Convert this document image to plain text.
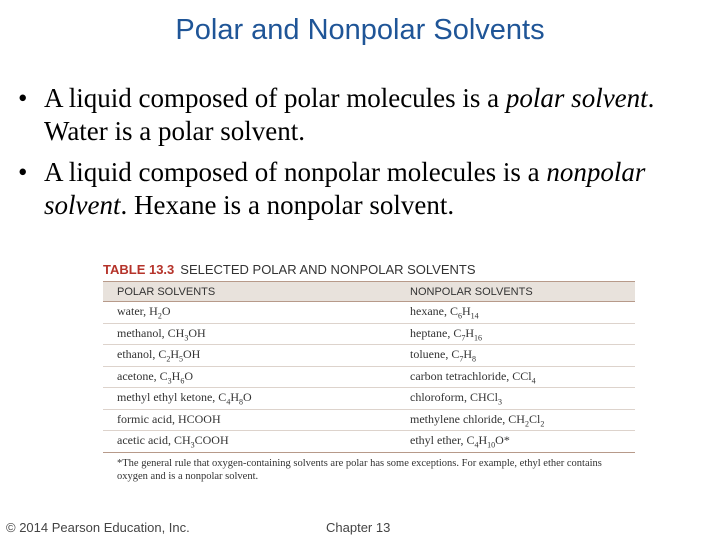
Polar and Nonpolar Solvents
• A liquid composed of polar molecules is a polar solvent. Water is a polar solvent.
• A liquid composed of nonpolar molecules is a nonpolar solvent. Hexane is a nonpolar solvent.
TABLE 13.3 SELECTED POLAR AND NONPOLAR SOLVENTS
POLAR SOLVENTS	NONPOLAR SOLVENTS
water, $H_2O$	hexane, $C_6H_{14}$
methanol, $CH_3OH$	heptane, $C_7H_{16}$
ethanol, $C_2H_5OH$	toluene, $C_7H_8$
acetone, $C_3H_6O$	carbon tetrachloride, CCl$_4$
methyl ethyl ketone, $C_4H_8O$	chloroform, CHCl$_3$
formic acid, HCOOH	methylene chloride, $CH_2Cl_2$
acetic acid, $CH_3COOH$	ethyl ether, $C_4H_{10}O*$
*The general rule that oxygen-containing solvents are polar has some exceptions. For example, ethyl ether contains oxygen and is a nonpolar solvent.
© 2014 Pearson Education, Inc.	Chapter 13
